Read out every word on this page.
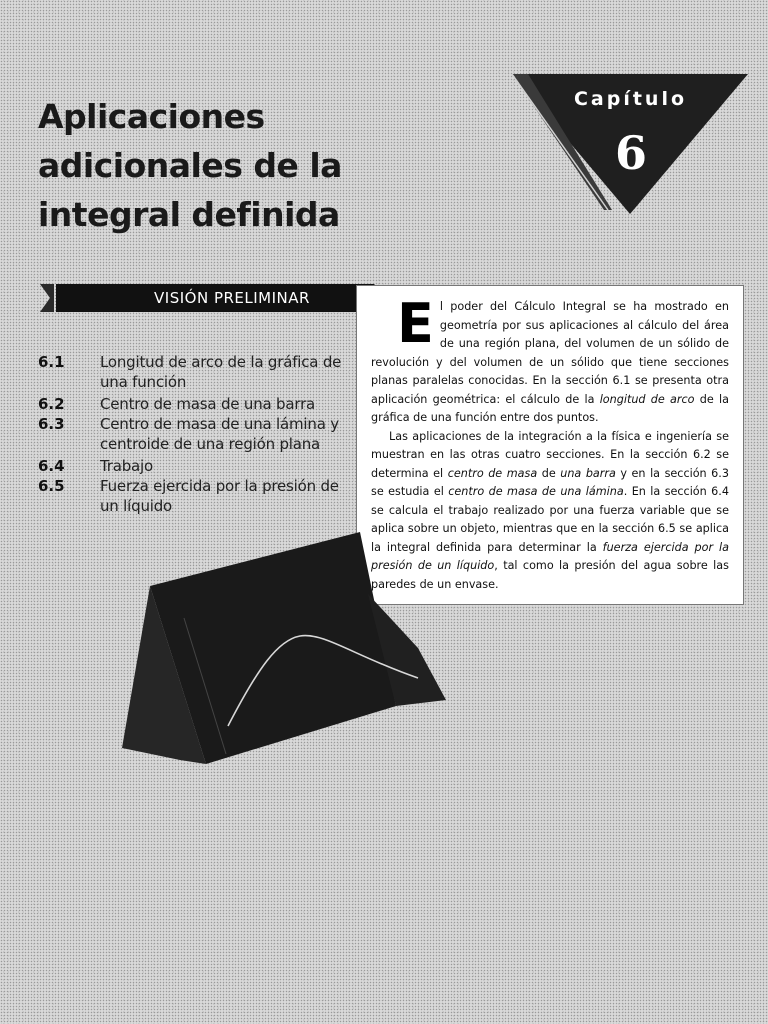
Aplicaciones
adicionales de la
integral definida
Capítulo
6
VISIÓN PRELIMINAR
6.1	Longitud de arco de la gráfica de una función
6.2	Centro de masa de una barra
6.3	Centro de masa de una lámina y centroide de una región plana
6.4	Trabajo
6.5	Fuerza ejercida por la presión de un líquido
E l poder del Cálculo Integral se ha mostrado en geometría por sus aplicaciones al cálculo del área de una región plana, del volumen de un sólido de revolución y del volumen de un sólido que tiene secciones planas paralelas conocidas. En la sección 6.1 se presenta otra aplicación geométrica: el cálculo de la longitud de arco de la gráfica de una función entre dos puntos.

Las aplicaciones de la integración a la física e ingeniería se muestran en las otras cuatro secciones. En la sección 6.2 se determina el centro de masa de una barra y en la sección 6.3 se estudia el centro de masa de una lámina. En la sección 6.4 se calcula el trabajo realizado por una fuerza variable que se aplica sobre un objeto, mientras que en la sección 6.5 se aplica la integral definida para determinar la fuerza ejercida por la presión de un líquido, tal como la presión del agua sobre las paredes de un envase.
